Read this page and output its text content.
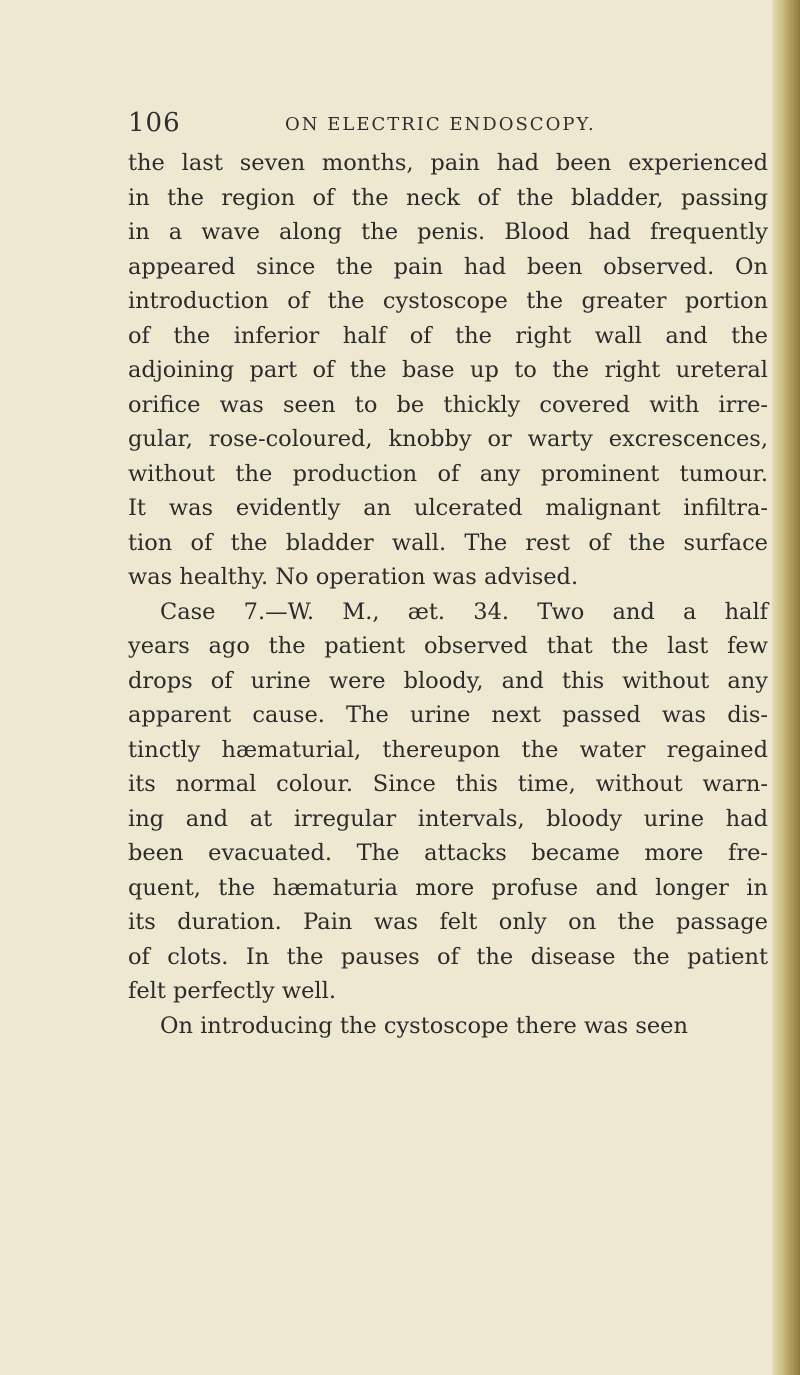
106	ON ELECTRIC ENDOSCOPY.
the last seven months, pain had been experienced
in the region of the neck of the bladder, passing
in a wave along the penis. Blood had frequently
appeared since the pain had been observed. On
introduction of the cystoscope the greater portion
of the inferior half of the right wall and the
adjoining part of the base up to the right ureteral
orifice was seen to be thickly covered with irre-
gular, rose-coloured, knobby or warty excrescences,
without the production of any prominent tumour.
It was evidently an ulcerated malignant infiltra-
tion of the bladder wall. The rest of the surface
was healthy. No operation was advised.
Case 7.—W. M., æt. 34. Two and a half
years ago the patient observed that the last few
drops of urine were bloody, and this without any
apparent cause. The urine next passed was dis-
tinctly hæmaturial, thereupon the water regained
its normal colour. Since this time, without warn-
ing and at irregular intervals, bloody urine had
been evacuated. The attacks became more fre-
quent, the hæmaturia more profuse and longer in
its duration. Pain was felt only on the passage
of clots. In the pauses of the disease the patient
felt perfectly well.
On introducing the cystoscope there was seen
